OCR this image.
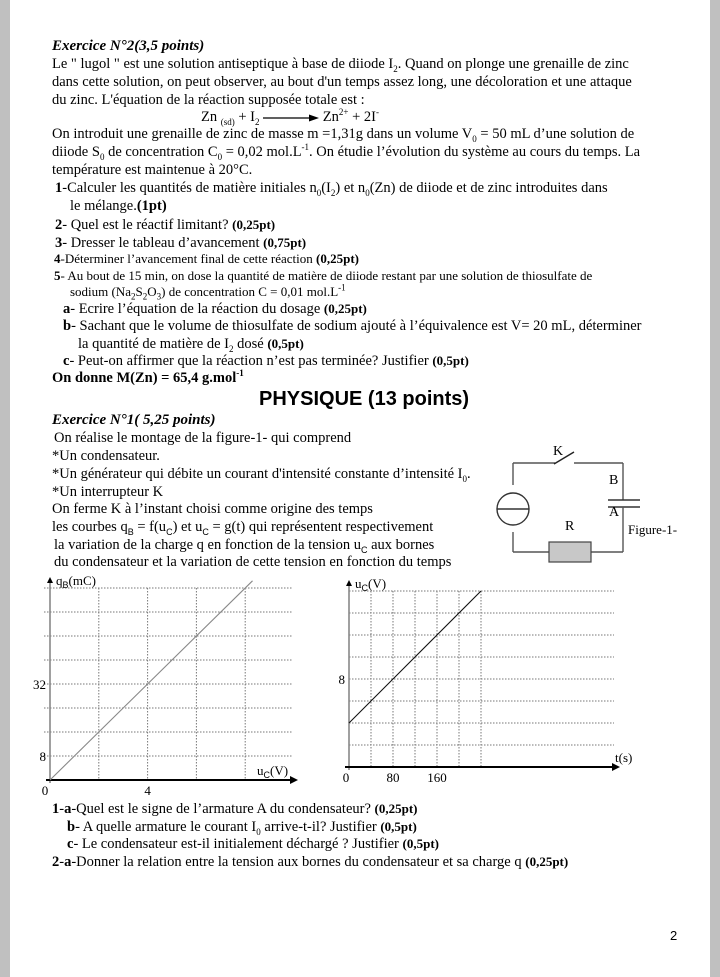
Exercice N°2(3,5 points)
Le " lugol " est une solution antiseptique à base de diiode $I_2$. Quand on plonge une grenaille de zinc
dans cette solution, on peut observer, au bout d'un temps assez long, une décoloration et une attaque
du zinc. L'équation de la réaction supposée totale est :
Zn $_{(sd)} + I_2 \to Zn^{2+} + 2I^-$
On introduit une grenaille de zinc de masse m =1,31g dans un volume $V_0 = 50$ mL d’une solution de
diiode $S_0$ de concentration $C_0 = 0,02$ $mol.L^{-1}$. On étudie l’évolution du système au cours du temps. La
température est maintenue à 20°C.
1-Calculer les quantités de matière initiales $n_0(I_2)$ et $n_0(Zn)$ de diiode et de zinc introduites dans
le mélange.(1pt)
2- Quel est le réactif limitant? (0,25pt)
3- Dresser le tableau d’avancement (0,75pt)
4-Déterminer l’avancement final de cette réaction (0,25pt)
5- Au bout de 15 min, on dose la quantité de matière de diiode restant par une solution de thiosulfate de
sodium $(Na_2S_2O_3)$ de concentration C = 0,01 $mol.L^{-1}$
a- Ecrire l’équation de la réaction du dosage (0,25pt)
b- Sachant que le volume de thiosulfate de sodium ajouté à l’équivalence est V= 20 mL, déterminer
la quantité de matière de $I_2$ dosé (0,5pt)
c- Peut-on affirmer que la réaction n’est pas terminée? Justifier (0,5pt)
On donne M(Zn) = 65,4 g.mol$^{-1}$
PHYSIQUE (13 points)
Exercice N°1( 5,25 points)
On réalise le montage de la figure-1- qui comprend
*Un condensateur.
*Un générateur qui débite un courant d'intensité constante d’intensité $I_0$.
*Un interrupteur K
On ferme K à l’instant choisi comme origine des temps
les courbes $q_B = f(u_C)$ et $u_C = g(t)$ qui représentent respectivement
la variation de la charge q en fonction de la tension $u_C$ aux bornes
du condensateur et la variation de cette tension en fonction du temps
K
B
A
R	Figure-1-
0	4
8
32
$q_B(mC)$
$u_C(V)$	0	80 160
8
$u_C(V)$
t(s)
1-a-Quel est le signe de l’armature A du condensateur? (0,25pt)
b- A quelle armature le courant $I_0$ arrive-t-il? Justifier (0,5pt)
c- Le condensateur est-il initialement déchargé ? Justifier (0,5pt)
2-a-Donner la relation entre la tension aux bornes du condensateur et sa charge q (0,25pt)
2
